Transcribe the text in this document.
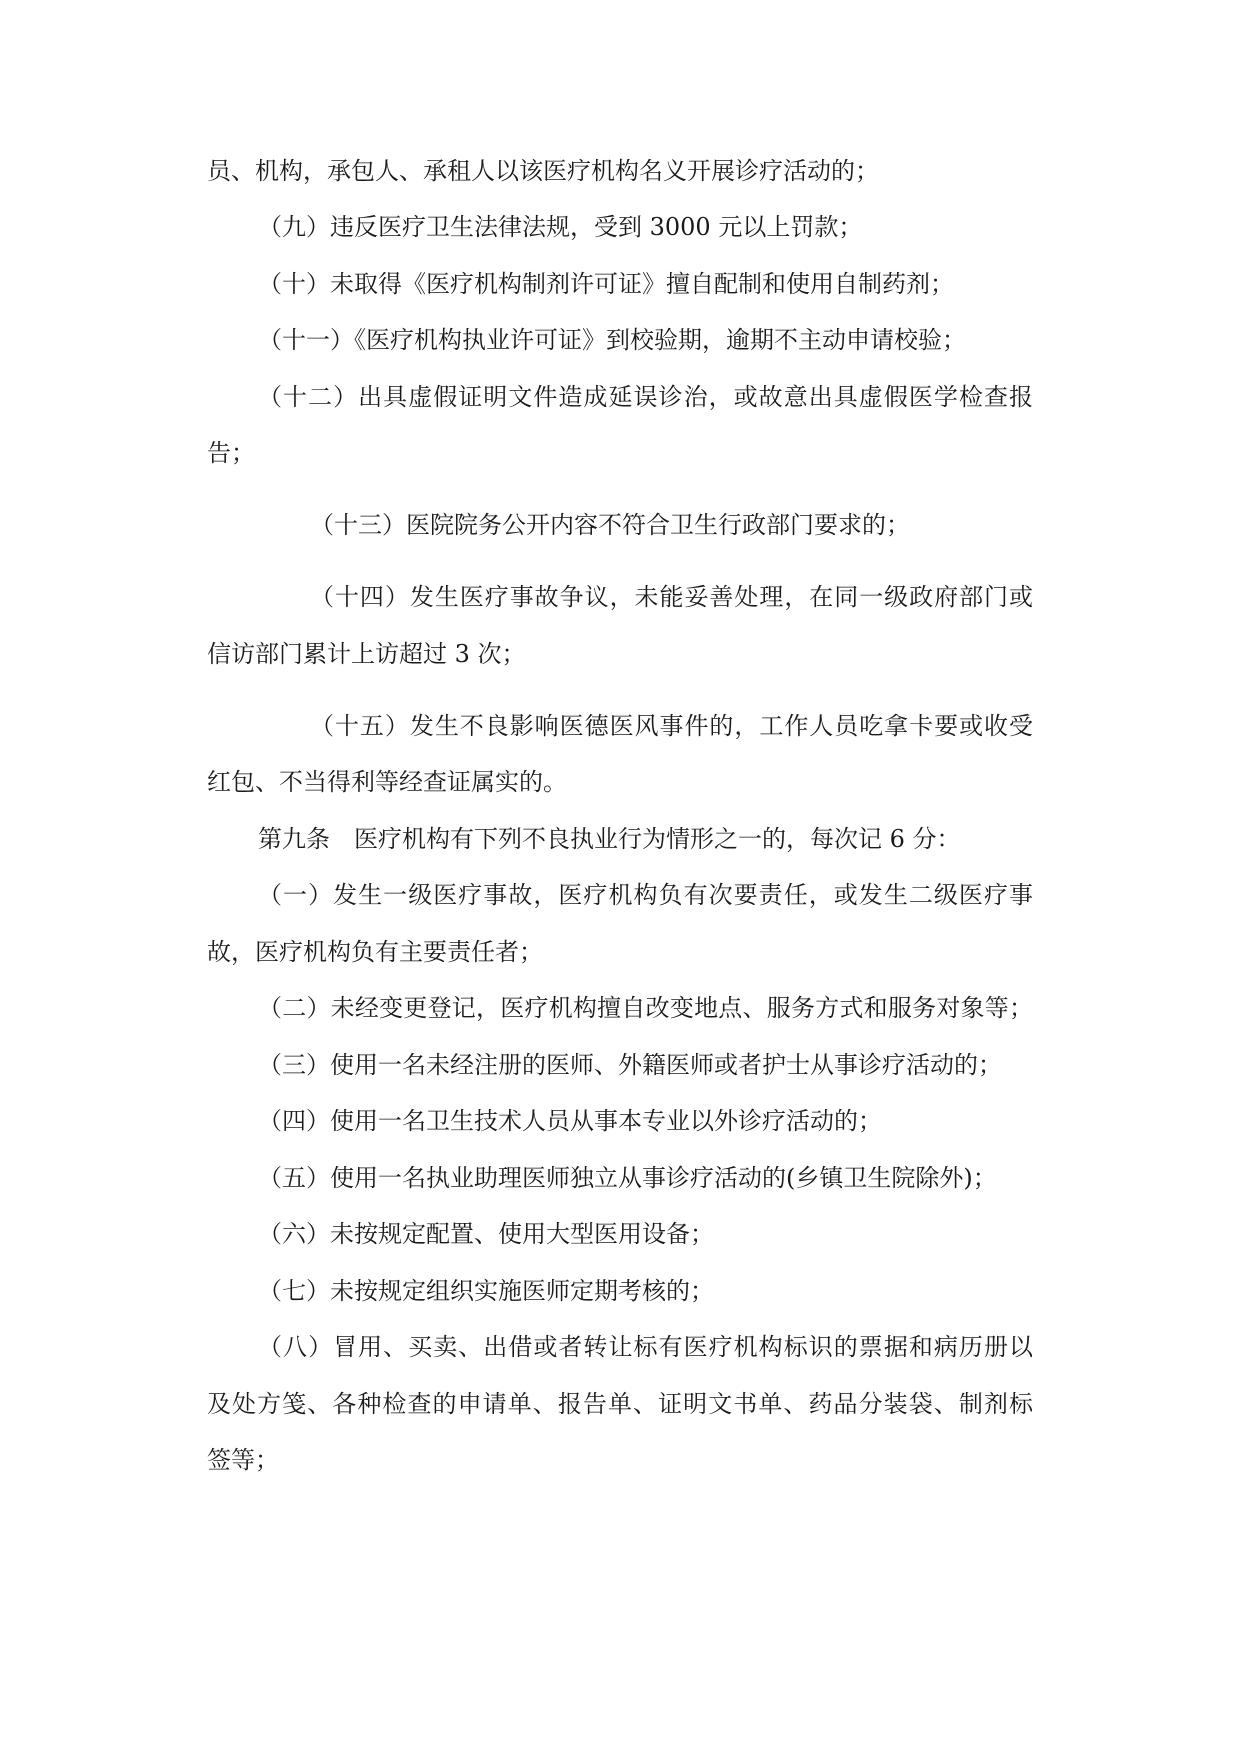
员、机构，承包人、承租人以该医疗机构名义开展诊疗活动的；
（九）违反医疗卫生法律法规，受到 3000 元以上罚款；
（十）未取得《医疗机构制剂许可证》擅自配制和使用自制药剂；
（十一）《医疗机构执业许可证》到校验期，逾期不主动申请校验；
（十二）出具虚假证明文件造成延误诊治，或故意出具虚假医学检查报
告；
（十三）医院院务公开内容不符合卫生行政部门要求的；
（十四）发生医疗事故争议，未能妥善处理，在同一级政府部门或
信访部门累计上访超过 3 次；
（十五）发生不良影响医德医风事件的，工作人员吃拿卡要或收受
红包、不当得利等经查证属实的。
第九条　医疗机构有下列不良执业行为情形之一的，每次记 6 分：
（一）发生一级医疗事故，医疗机构负有次要责任，或发生二级医疗事
故，医疗机构负有主要责任者；
（二）未经变更登记，医疗机构擅自改变地点、服务方式和服务对象等；
（三）使用一名未经注册的医师、外籍医师或者护士从事诊疗活动的；
（四）使用一名卫生技术人员从事本专业以外诊疗活动的；
（五）使用一名执业助理医师独立从事诊疗活动的(乡镇卫生院除外)；
（六）未按规定配置、使用大型医用设备；
（七）未按规定组织实施医师定期考核的；
（八）冒用、买卖、出借或者转让标有医疗机构标识的票据和病历册以
及处方笺、各种检查的申请单、报告单、证明文书单、药品分装袋、制剂标
签等；
